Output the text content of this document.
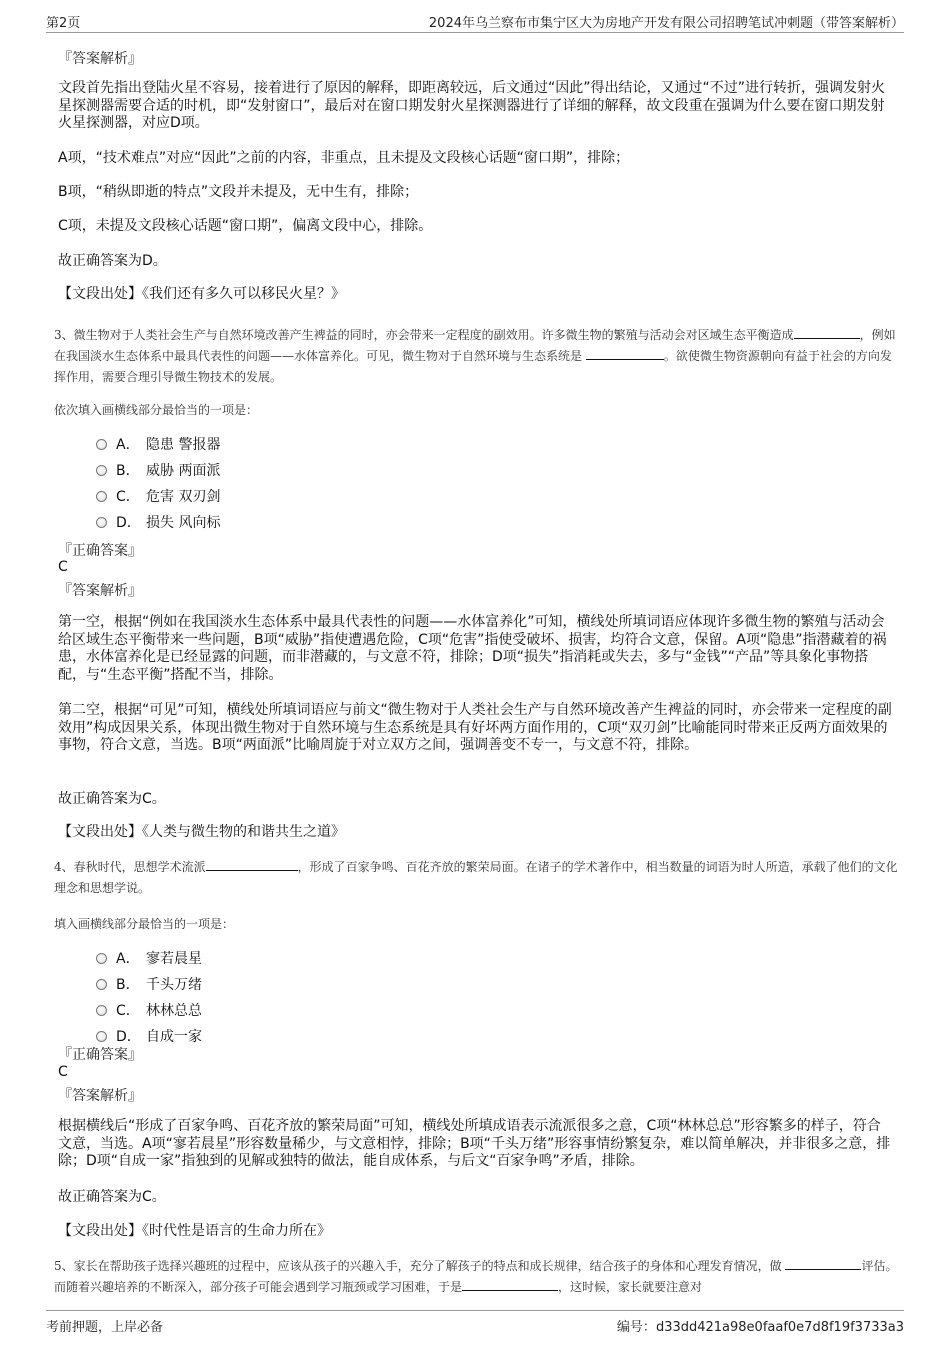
第2页	2024年乌兰察布市集宁区大为房地产开发有限公司招聘笔试冲刺题（带答案解析）
『答案解析』

文段首先指出登陆火星不容易，接着进行了原因的解释，即距离较远，后文通过“因此”得出结论，又通过“不过”进行转折，强调发射火星探测器需要合适的时机，即“发射窗口”，最后对在窗口期发射火星探测器进行了详细的解释，故文段重在强调为什么要在窗口期发射火星探测器，对应D项。

A项，“技术难点”对应“因此”之前的内容，非重点，且未提及文段核心话题“窗口期”，排除；

B项，“稍纵即逝的特点”文段并未提及，无中生有，排除；

C项，未提及文段核心话题“窗口期”，偏离文段中心，排除。

故正确答案为D。

【文段出处】《我们还有多久可以移民火星？》

3、微生物对于人类社会生产与自然环境改善产生裨益的同时，亦会带来一定程度的副效用。许多微生物的繁殖与活动会对区域生态平衡造成	，例如在我国淡水生态体系中最具代表性的问题——水体富养化。可见，微生物对于自然环境与生态系统是	。欲使微生物资源朝向有益于社会的方向发挥作用，需要合理引导微生物技术的发展。
依次填入画横线部分最恰当的一项是：
A． 隐患 警报器
B． 威胁 两面派
C． 危害 双刃剑
D． 损失 风向标
『正确答案』
C
『答案解析』

第一空，根据“例如在我国淡水生态体系中最具代表性的问题——水体富养化”可知，横线处所填词语应体现许多微生物的繁殖与活动会给区域生态平衡带来一些问题，B项“威胁”指使遭遇危险，C项“危害”指使受破坏、损害，均符合文意，保留。A项“隐患”指潜藏着的祸患，水体富养化是已经显露的问题，而非潜藏的，与文意不符，排除；D项“损失”指消耗或失去，多与“金钱”“产品”等具象化事物搭配，与“生态平衡”搭配不当，排除。

第二空，根据“可见”可知，横线处所填词语应与前文“微生物对于人类社会生产与自然环境改善产生裨益的同时，亦会带来一定程度的副效用”构成因果关系，体现出微生物对于自然环境与生态系统是具有好坏两方面作用的，C项“双刃剑”比喻能同时带来正反两方面效果的事物，符合文意，当选。B项“两面派”比喻周旋于对立双方之间，强调善变不专一，与文意不符，排除。

故正确答案为C。

【文段出处】《人类与微生物的和谐共生之道》

4、春秋时代，思想学术流派	，形成了百家争鸣、百花齐放的繁荣局面。在诸子的学术著作中，相当数量的词语为时人所造，承载了他们的文化理念和思想学说。
填入画横线部分最恰当的一项是：
A． 寥若晨星
B． 千头万绪
C． 林林总总
D． 自成一家
『正确答案』
C
『答案解析』

根据横线后“形成了百家争鸣、百花齐放的繁荣局面”可知，横线处所填成语表示流派很多之意，C项“林林总总”形容繁多的样子，符合文意，当选。A项“寥若晨星”形容数量稀少，与文意相悖，排除；B项“千头万绪”形容事情纷繁复杂，难以简单解决，并非很多之意，排除；D项“自成一家”指独到的见解或独特的做法，能自成体系，与后文“百家争鸣”矛盾，排除。

故正确答案为C。

【文段出处】《时代性是语言的生命力所在》

5、家长在帮助孩子选择兴趣班的过程中，应该从孩子的兴趣入手，充分了解孩子的特点和成长规律，结合孩子的身体和心理发育情况，做	评估。而随着兴趣培养的不断深入，部分孩子可能会遇到学习瓶颈或学习困难，于是	，这时候，家长就要注意对
考前押题，上岸必备	编号：d33dd421a98e0faaf0e7d8f19f3733a3
